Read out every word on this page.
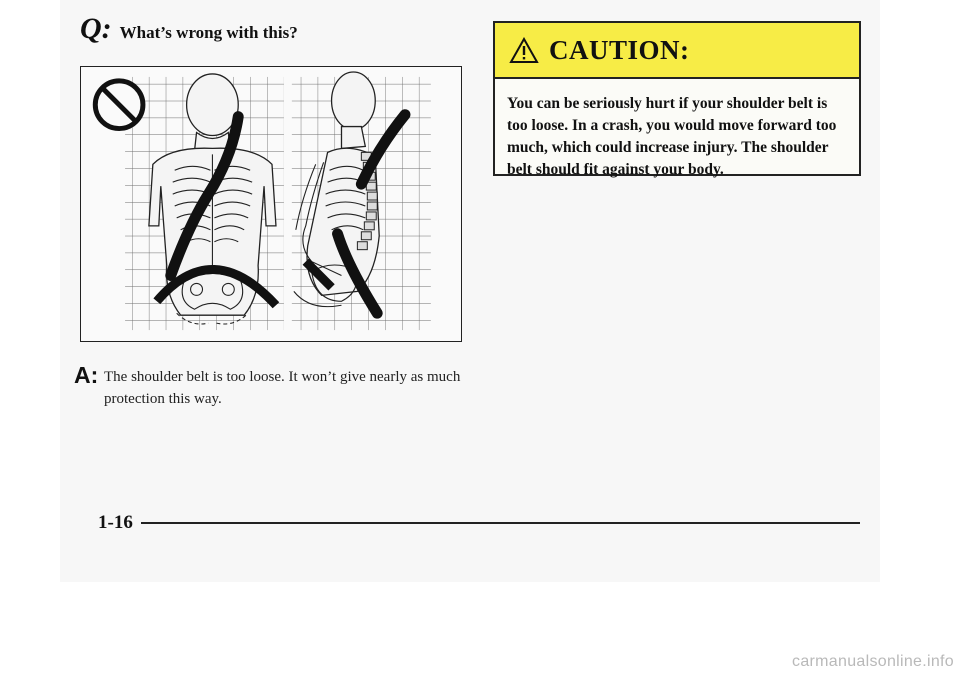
Q: What’s wrong with this?
CAUTION:
You can be seriously hurt if your shoulder belt is too loose. In a crash, you would move forward too much, which could increase injury. The shoulder belt should fit against your body.
A: The shoulder belt is too loose. It won’t give nearly as much protection this way.
1-16
carmanualsonline.info
